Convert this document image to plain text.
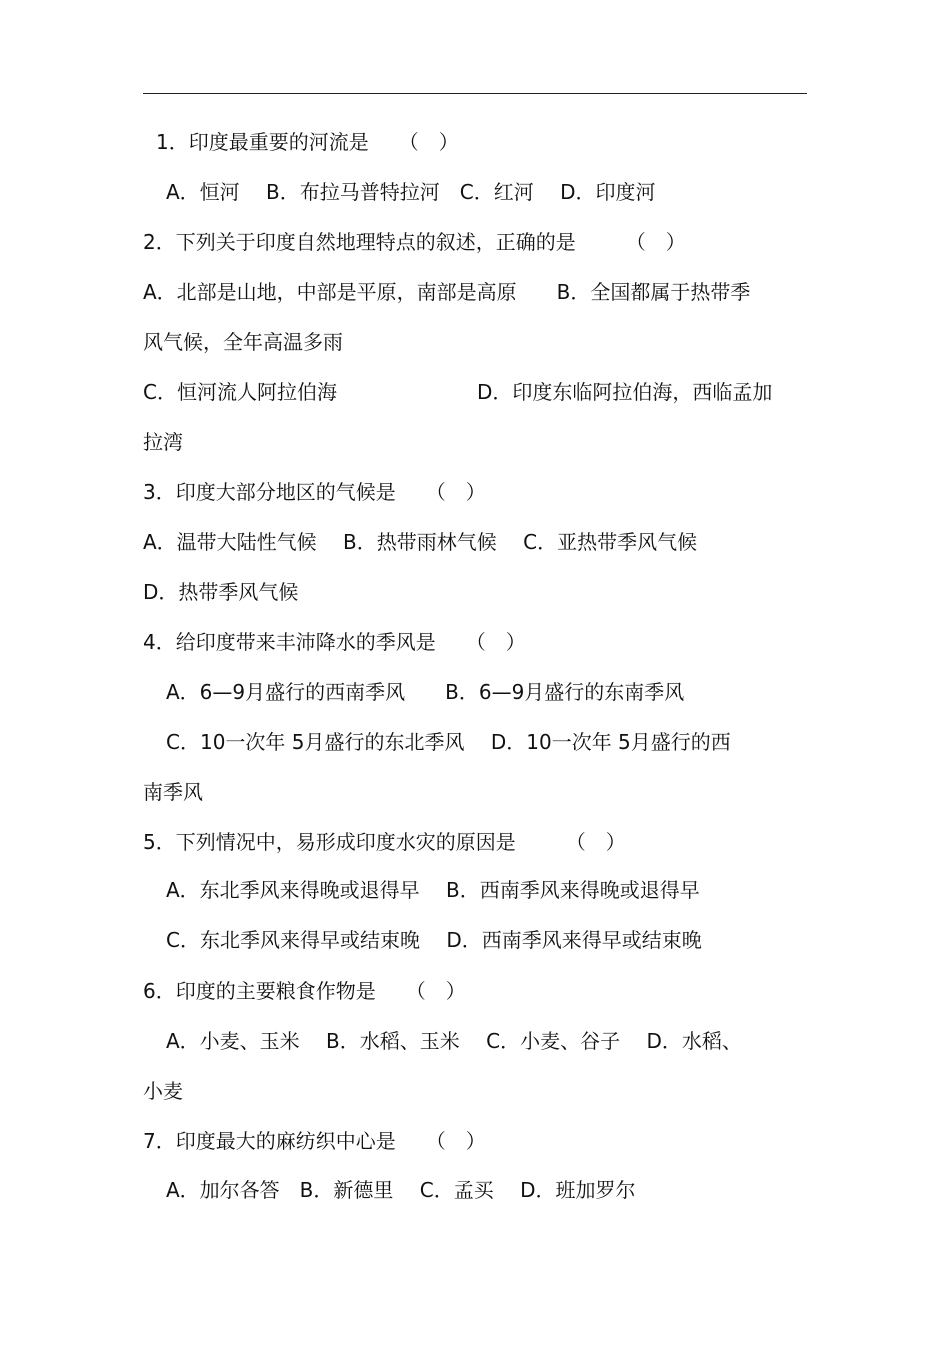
1．印度最重要的河流是　　（　）
A．恒河　 B．布拉马普特拉河　C．红河　 D．印度河
2．下列关于印度自然地理特点的叙述，正确的是　　　（　）
A．北部是山地，中部是平原，南部是高原　　B．全国都属于热带季
风气候，全年高温多雨
C．恒河流人阿拉伯海　　　　　　　D．印度东临阿拉伯海，西临孟加
拉湾
3．印度大部分地区的气候是　　（　）
A．温带大陆性气候　 B．热带雨林气候　 C．亚热带季风气候
D．热带季风气候
4．给印度带来丰沛降水的季风是　　（　）
A．6—9月盛行的西南季风　　B．6—9月盛行的东南季风
C．10一次年 5月盛行的东北季风　 D．10一次年 5月盛行的西
南季风
5．下列情况中，易形成印度水灾的原因是　　　（　）
A．东北季风来得晚或退得早　 B．西南季风来得晚或退得早
C．东北季风来得早或结束晚　 D．西南季风来得早或结束晚
6．印度的主要粮食作物是　　（　）
A．小麦、玉米　 B．水稻、玉米　 C．小麦、谷子　 D．水稻、
小麦
7．印度最大的麻纺织中心是　　（　）
A．加尔各答　B．新德里　 C．孟买　 D．班加罗尔
